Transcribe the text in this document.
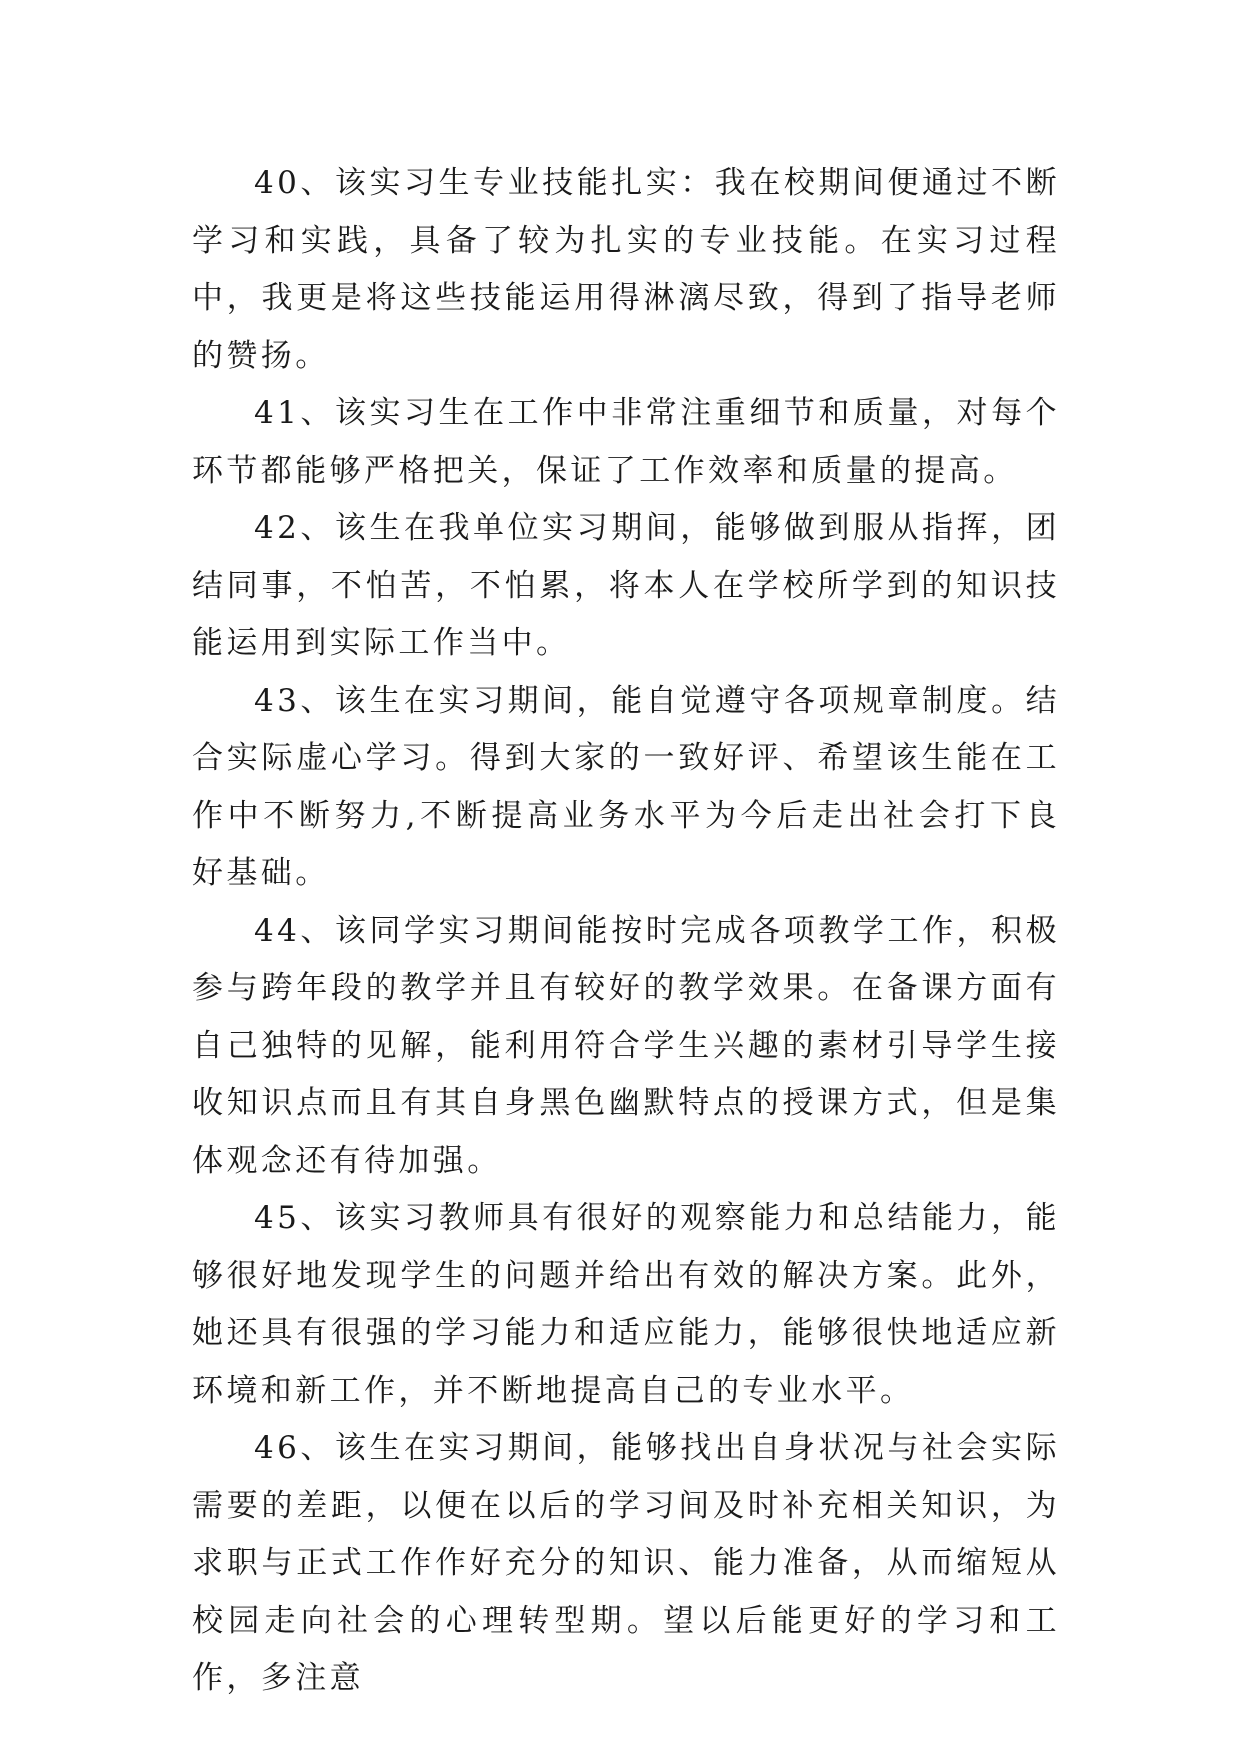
40、该实习生专业技能扎实：我在校期间便通过不断学习和实践，具备了较为扎实的专业技能。在实习过程中，我更是将这些技能运用得淋漓尽致，得到了指导老师的赞扬。

41、该实习生在工作中非常注重细节和质量，对每个环节都能够严格把关，保证了工作效率和质量的提高。

42、该生在我单位实习期间，能够做到服从指挥，团结同事，不怕苦，不怕累，将本人在学校所学到的知识技能运用到实际工作当中。

43、该生在实习期间，能自觉遵守各项规章制度。结合实际虚心学习。得到大家的一致好评、希望该生能在工作中不断努力,不断提高业务水平为今后走出社会打下良好基础。

44、该同学实习期间能按时完成各项教学工作，积极参与跨年段的教学并且有较好的教学效果。在备课方面有自己独特的见解，能利用符合学生兴趣的素材引导学生接收知识点而且有其自身黑色幽默特点的授课方式，但是集体观念还有待加强。

45、该实习教师具有很好的观察能力和总结能力，能够很好地发现学生的问题并给出有效的解决方案。此外，她还具有很强的学习能力和适应能力，能够很快地适应新环境和新工作，并不断地提高自己的专业水平。

46、该生在实习期间，能够找出自身状况与社会实际需要的差距，以便在以后的学习间及时补充相关知识，为求职与正式工作作好充分的知识、能力准备，从而缩短从校园走向社会的心理转型期。望以后能更好的学习和工作，多注意
